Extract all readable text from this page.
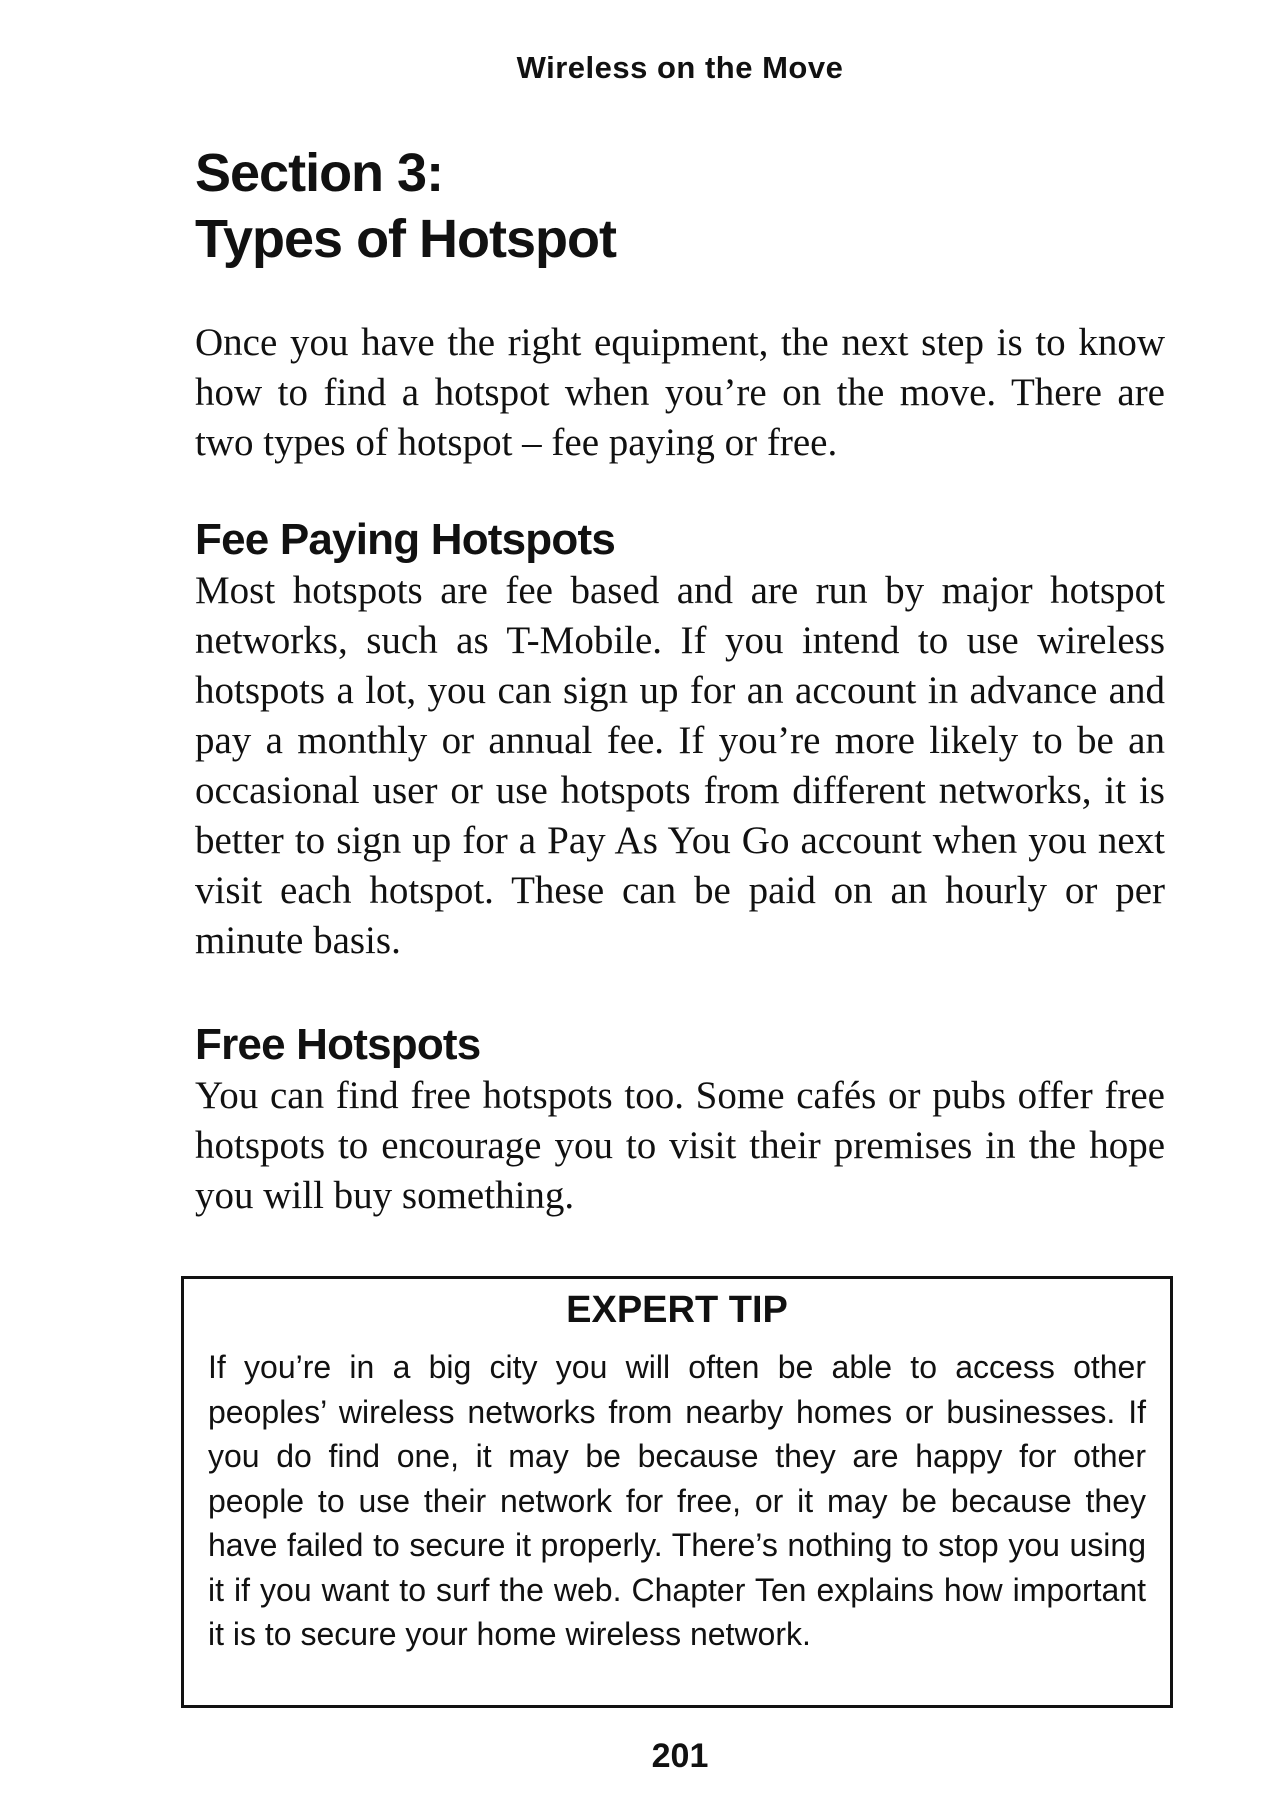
Wireless on the Move
Section 3:
Types of Hotspot

Once you have the right equipment, the next step is to know how to find a hotspot when you’re on the move. There are two types of hotspot – fee paying or free.

Fee Paying Hotspots

Most hotspots are fee based and are run by major hotspot networks, such as T-Mobile. If you intend to use wireless hotspots a lot, you can sign up for an account in advance and pay a monthly or annual fee. If you’re more likely to be an occasional user or use hotspots from different networks, it is better to sign up for a Pay As You Go account when you next visit each hotspot. These can be paid on an hourly or per minute basis.

Free Hotspots

You can find free hotspots too. Some cafés or pubs offer free hotspots to encourage you to visit their premises in the hope you will buy something.

EXPERT TIP

If you’re in a big city you will often be able to access other peoples’ wireless networks from nearby homes or businesses. If you do find one, it may be because they are happy for other people to use their network for free, or it may be because they have failed to secure it properly. There’s nothing to stop you using it if you want to surf the web. Chapter Ten explains how important it is to secure your home wireless network.

201
